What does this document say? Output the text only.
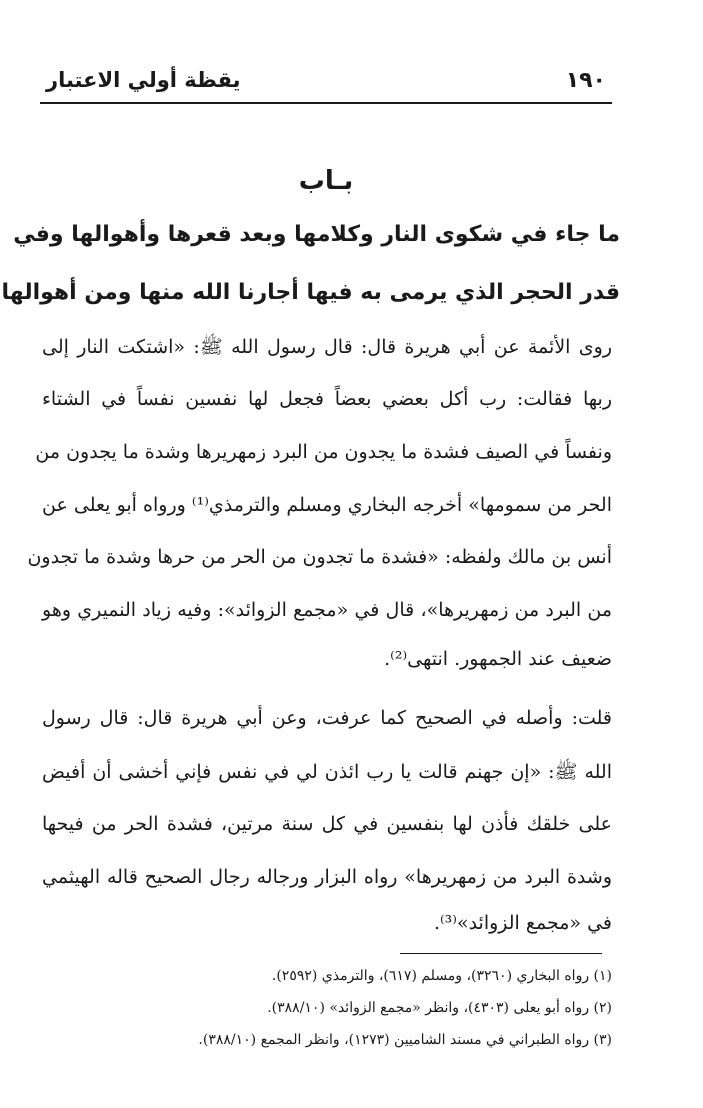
١٩٠
يقظة أولي الاعتبار
بـاب
ما جاء في شكوى النار وكلامها وبعد قعرها وأهوالها وفي
قدر الحجر الذي يرمى به فيها أجارنا الله منها ومن أهوالها
روى الأئمة عن أبي هريرة قال: قال رسول الله ﷺ: «اشتكت النار إلى
ربها فقالت: رب أكل بعضي بعضاً فجعل لها نفسين نفساً في الشتاء
ونفساً في الصيف فشدة ما يجدون من البرد زمهريرها وشدة ما يجدون من
الحر من سمومها» أخرجه البخاري ومسلم والترمذي⁽¹⁾ ورواه أبو يعلى عن
أنس بن مالك ولفظه: «فشدة ما تجدون من الحر من حرها وشدة ما تجدون
من البرد من زمهريرها»، قال في «مجمع الزوائد»: وفيه زياد النميري وهو
ضعيف عند الجمهور. انتهى⁽²⁾.
قلت: وأصله في الصحيح كما عرفت، وعن أبي هريرة قال: قال رسول
الله ﷺ: «إن جهنم قالت يا رب ائذن لي في نفس فإني أخشى أن أفيض
على خلقك فأذن لها بنفسين في كل سنة مرتين، فشدة الحر من فيحها
وشدة البرد من زمهريرها» رواه البزار ورجاله رجال الصحيح قاله الهيثمي
في «مجمع الزوائد»⁽³⁾.
(١) رواه البخاري (٣٢٦٠)، ومسلم (٦١٧)، والترمذي (٢٥٩٢).
(٢) رواه أبو يعلى (٤٣٠٣)، وانظر «مجمع الزوائد» (٣٨٨/١٠).
(٣) رواه الطبراني في مسند الشاميين (١٢٧٣)، وانظر المجمع (٣٨٨/١٠).
